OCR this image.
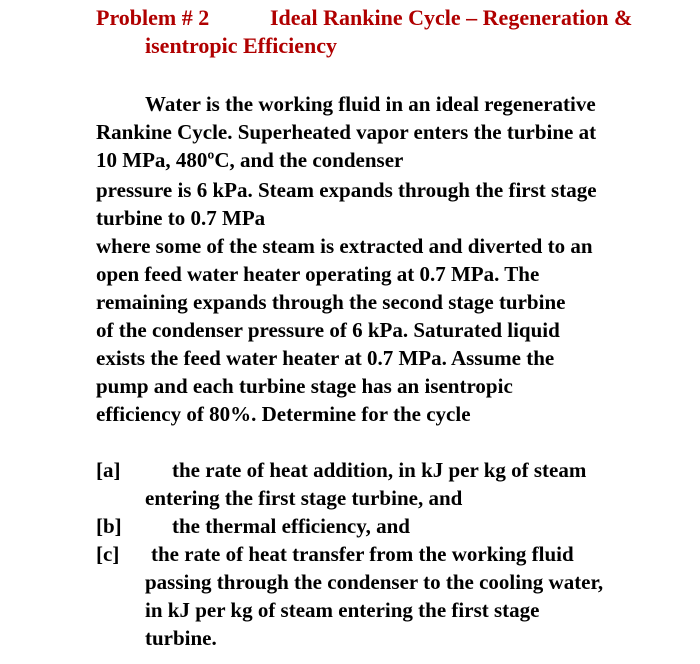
Problem # 2	Ideal Rankine Cycle – Regeneration &
isentropic Efficiency
Water is the working fluid in an ideal regenerative
Rankine Cycle. Superheated vapor enters the turbine at
10 MPa, 480ºC, and the condenser
pressure is 6 kPa. Steam expands through the first stage
turbine to 0.7 MPa
where some of the steam is extracted and diverted to an
open feed water heater operating at 0.7 MPa. The
remaining expands through the second stage turbine
of the condenser pressure of 6 kPa. Saturated liquid
exists the feed water heater at 0.7 MPa. Assume the
pump and each turbine stage has an isentropic
efficiency of 80%. Determine for the cycle
[a] the rate of heat addition, in kJ per kg of steam
entering the first stage turbine, and
[b] the thermal efficiency, and
[c] the rate of heat transfer from the working fluid
passing through the condenser to the cooling water,
in kJ per kg of steam entering the first stage
turbine.
